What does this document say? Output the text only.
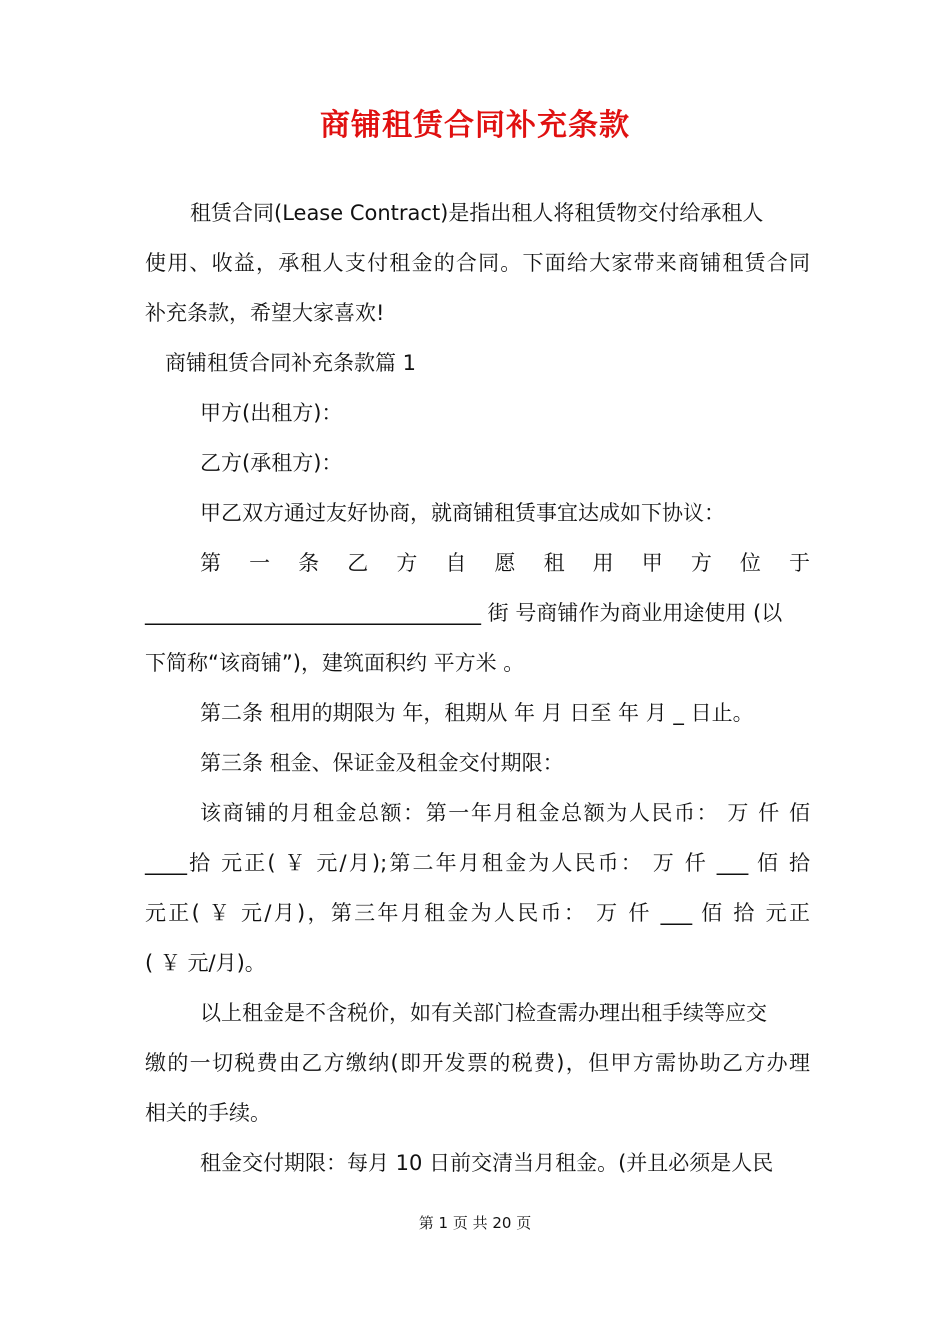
商铺租赁合同补充条款
租赁合同(Lease Contract)是指出租人将租赁物交付给承租人
使用、收益，承租人支付租金的合同。下面给大家带来商铺租赁合同
补充条款，希望大家喜欢!
商铺租赁合同补充条款篇 1
甲方(出租方)：
乙方(承租方)：
甲乙双方通过友好协商，就商铺租赁事宜达成如下协议：
第 一 条 乙 方 自 愿 租 用 甲 方 位 于
________________________________ 街 号商铺作为商业用途使用 (以
下简称“该商铺”)，建筑面积约 平方米 。
第二条 租用的期限为 年，租期从 年 月 日至 年 月 _ 日止。
第三条 租金、保证金及租金交付期限：
该商铺的月租金总额：第一年月租金总额为人民币： 万 仟 佰
____拾 元正( ￥ 元/月);第二年月租金为人民币： 万 仟 ___ 佰 拾
元正( ￥ 元/月)，第三年月租金为人民币： 万 仟 ___ 佰 拾 元正
( ￥ 元/月)。
以上租金是不含税价，如有关部门检查需办理出租手续等应交
缴的一切税费由乙方缴纳(即开发票的税费)，但甲方需协助乙方办理
相关的手续。
租金交付期限：每月 10 日前交清当月租金。(并且必须是人民
第 1 页 共 20 页
